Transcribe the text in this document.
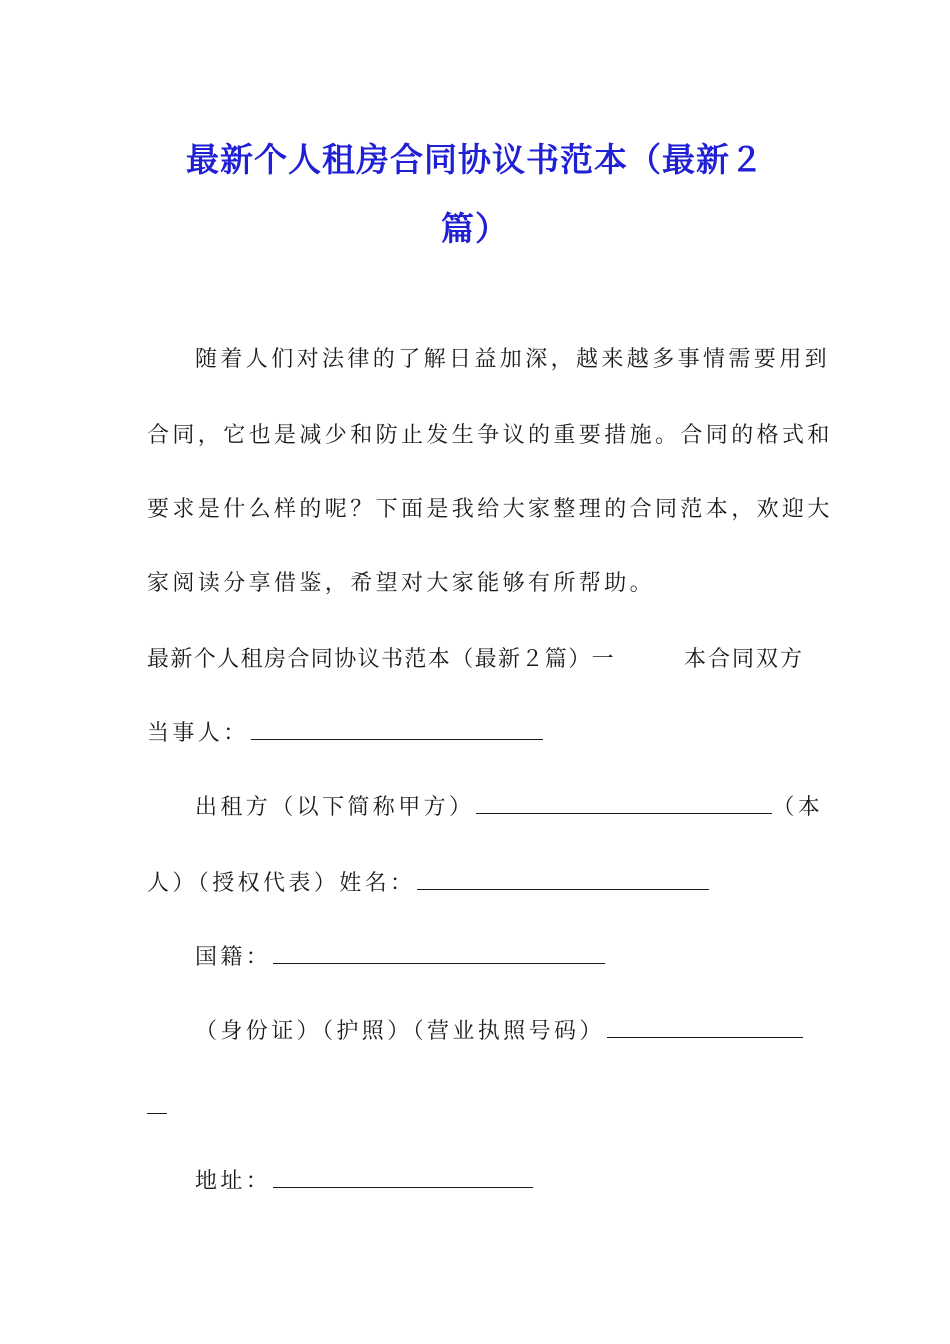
最新个人租房合同协议书范本（最新２
篇）
随着人们对法律的了解日益加深，越来越多事情需要用到
合同，它也是减少和防止发生争议的重要措施。合同的格式和
要求是什么样的呢？下面是我给大家整理的合同范本，欢迎大
家阅读分享借鉴，希望对大家能够有所帮助。
最新个人租房合同协议书范本（最新２篇）一	本合同双方
当事人：
出租方（以下简称甲方）	（本
人）（授权代表）姓名：
国籍：
（身份证）（护照）（营业执照号码）
地址：
